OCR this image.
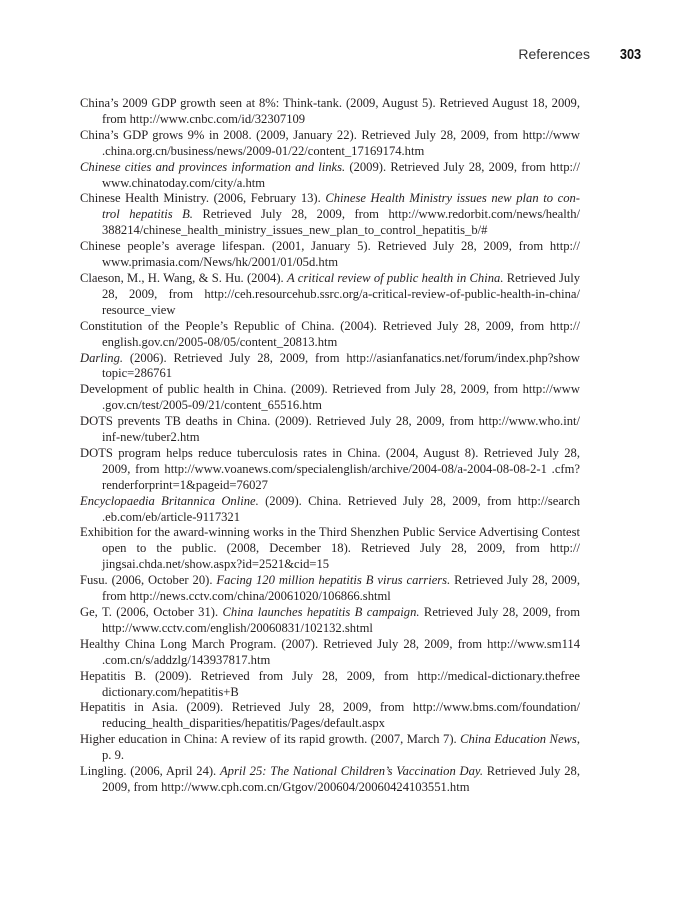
References 303
China’s 2009 GDP growth seen at 8%: Think-tank. (2009, August 5). Retrieved August 18, 2009, from http://www.cnbc.com/id/32307109
China’s GDP grows 9% in 2008. (2009, January 22). Retrieved July 28, 2009, from http://www .china.org.cn/business/news/2009-01/22/content_17169174.htm
Chinese cities and provinces information and links. (2009). Retrieved July 28, 2009, from http:// www.chinatoday.com/city/a.htm
Chinese Health Ministry. (2006, February 13). Chinese Health Ministry issues new plan to con- trol hepatitis B. Retrieved July 28, 2009, from http://www.redorbit.com/news/health/ 388214/chinese_health_ministry_issues_new_plan_to_control_hepatitis_b/#
Chinese people’s average lifespan. (2001, January 5). Retrieved July 28, 2009, from http:// www.primasia.com/News/hk/2001/01/05d.htm
Claeson, M., H. Wang, & S. Hu. (2004). A critical review of public health in China. Retrieved July 28, 2009, from http://ceh.resourcehub.ssrc.org/a-critical-review-of-public-health-in-china/ resource_view
Constitution of the People’s Republic of China. (2004). Retrieved July 28, 2009, from http:// english.gov.cn/2005-08/05/content_20813.htm
Darling. (2006). Retrieved July 28, 2009, from http://asianfanatics.net/forum/index.php?show topic=286761
Development of public health in China. (2009). Retrieved from July 28, 2009, from http://www .gov.cn/test/2005-09/21/content_65516.htm
DOTS prevents TB deaths in China. (2009). Retrieved July 28, 2009, from http://www.who.int/ inf-new/tuber2.htm
DOTS program helps reduce tuberculosis rates in China. (2004, August 8). Retrieved July 28, 2009, from http://www.voanews.com/specialenglish/archive/2004-08/a-2004-08-08-2-1 .cfm?renderforprint=1&pageid=76027
Encyclopaedia Britannica Online. (2009). China. Retrieved July 28, 2009, from http://search .eb.com/eb/article-9117321
Exhibition for the award-winning works in the Third Shenzhen Public Service Advertising Contest open to the public. (2008, December 18). Retrieved July 28, 2009, from http:// jingsai.chda.net/show.aspx?id=2521&cid=15
Fusu. (2006, October 20). Facing 120 million hepatitis B virus carriers. Retrieved July 28, 2009, from http://news.cctv.com/china/20061020/106866.shtml
Ge, T. (2006, October 31). China launches hepatitis B campaign. Retrieved July 28, 2009, from http://www.cctv.com/english/20060831/102132.shtml
Healthy China Long March Program. (2007). Retrieved July 28, 2009, from http://www.sm114 .com.cn/s/addzlg/143937817.htm
Hepatitis B. (2009). Retrieved from July 28, 2009, from http://medical-dictionary.thefree dictionary.com/hepatitis+B
Hepatitis in Asia. (2009). Retrieved July 28, 2009, from http://www.bms.com/foundation/ reducing_health_disparities/hepatitis/Pages/default.aspx
Higher education in China: A review of its rapid growth. (2007, March 7). China Education News, p. 9.
Lingling. (2006, April 24). April 25: The National Children’s Vaccination Day. Retrieved July 28, 2009, from http://www.cph.com.cn/Gtgov/200604/20060424103551.htm
